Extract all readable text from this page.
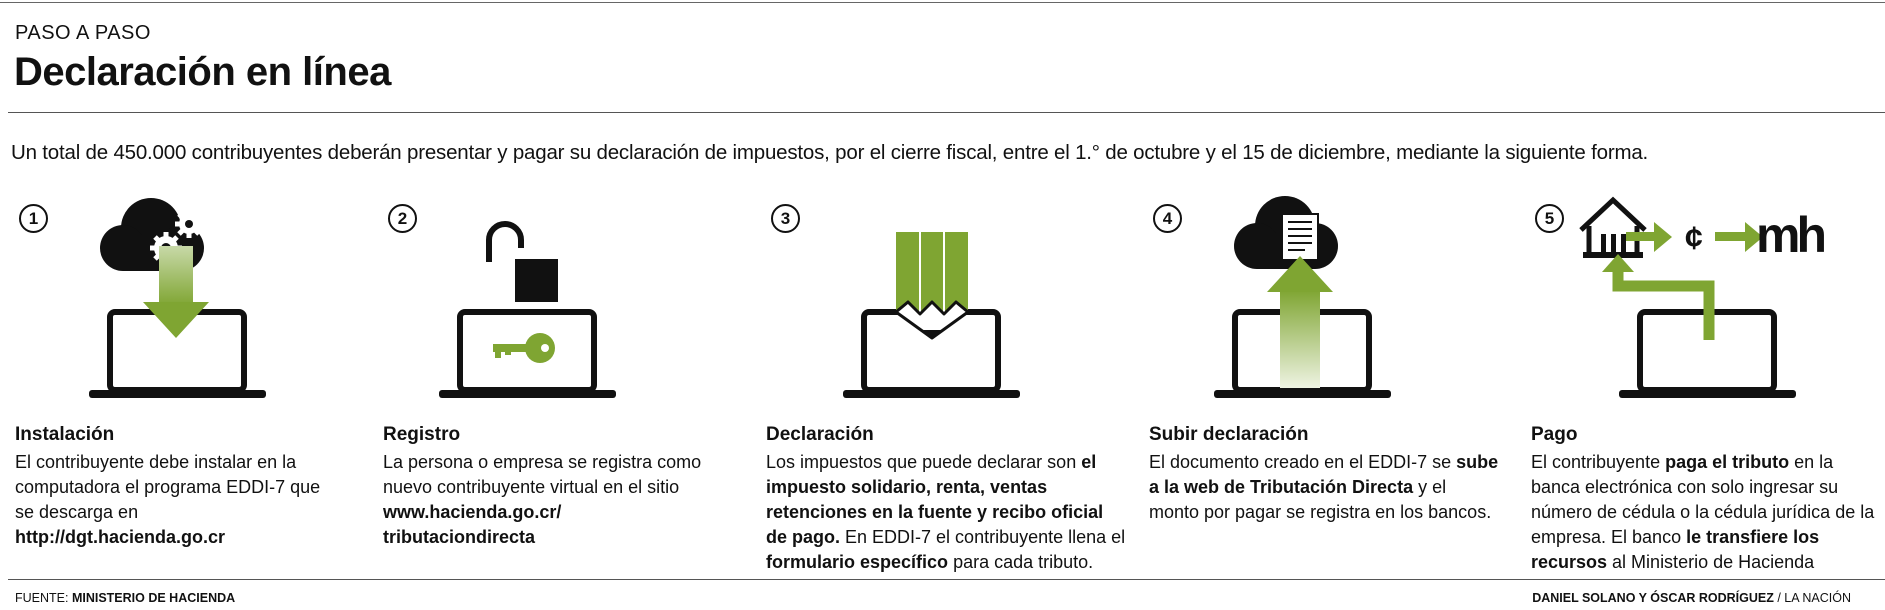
PASO A PASO
Declaración en línea
Un total de 450.000 contribuyentes deberán presentar y pagar su declaración de impuestos, por el cierre fiscal, entre el 1.° de octubre y el 15 de diciembre, mediante la siguiente forma.
1
Instalación

El contribuyente debe instalar en la

computadora el programa EDDI-7 que

se descarga en

http://dgt.hacienda.go.cr

2
Registro

La persona o empresa se registra como

nuevo contribuyente virtual en el sitio

www.hacienda.go.cr/

tributaciondirecta

3
Declaración

Los impuestos que puede declarar son el

impuesto solidario, renta, ventas

retenciones en la fuente y recibo oficial

de pago. En EDDI-7 el contribuyente llena el

formulario específico para cada tributo.

4
Subir declaración

El documento creado en el EDDI-7 se sube

a la web de Tributación Directa y el

monto por pagar se registra en los bancos.

5
¢ mh
Pago

El contribuyente paga el tributo en la

banca electrónica con solo ingresar su

número de cédula o la cédula jurídica de la

empresa. El banco le transfiere los

recursos al Ministerio de Hacienda

FUENTE: MINISTERIO DE HACIENDA	DANIEL SOLANO Y ÓSCAR RODRÍGUEZ / LA NACIÓN
